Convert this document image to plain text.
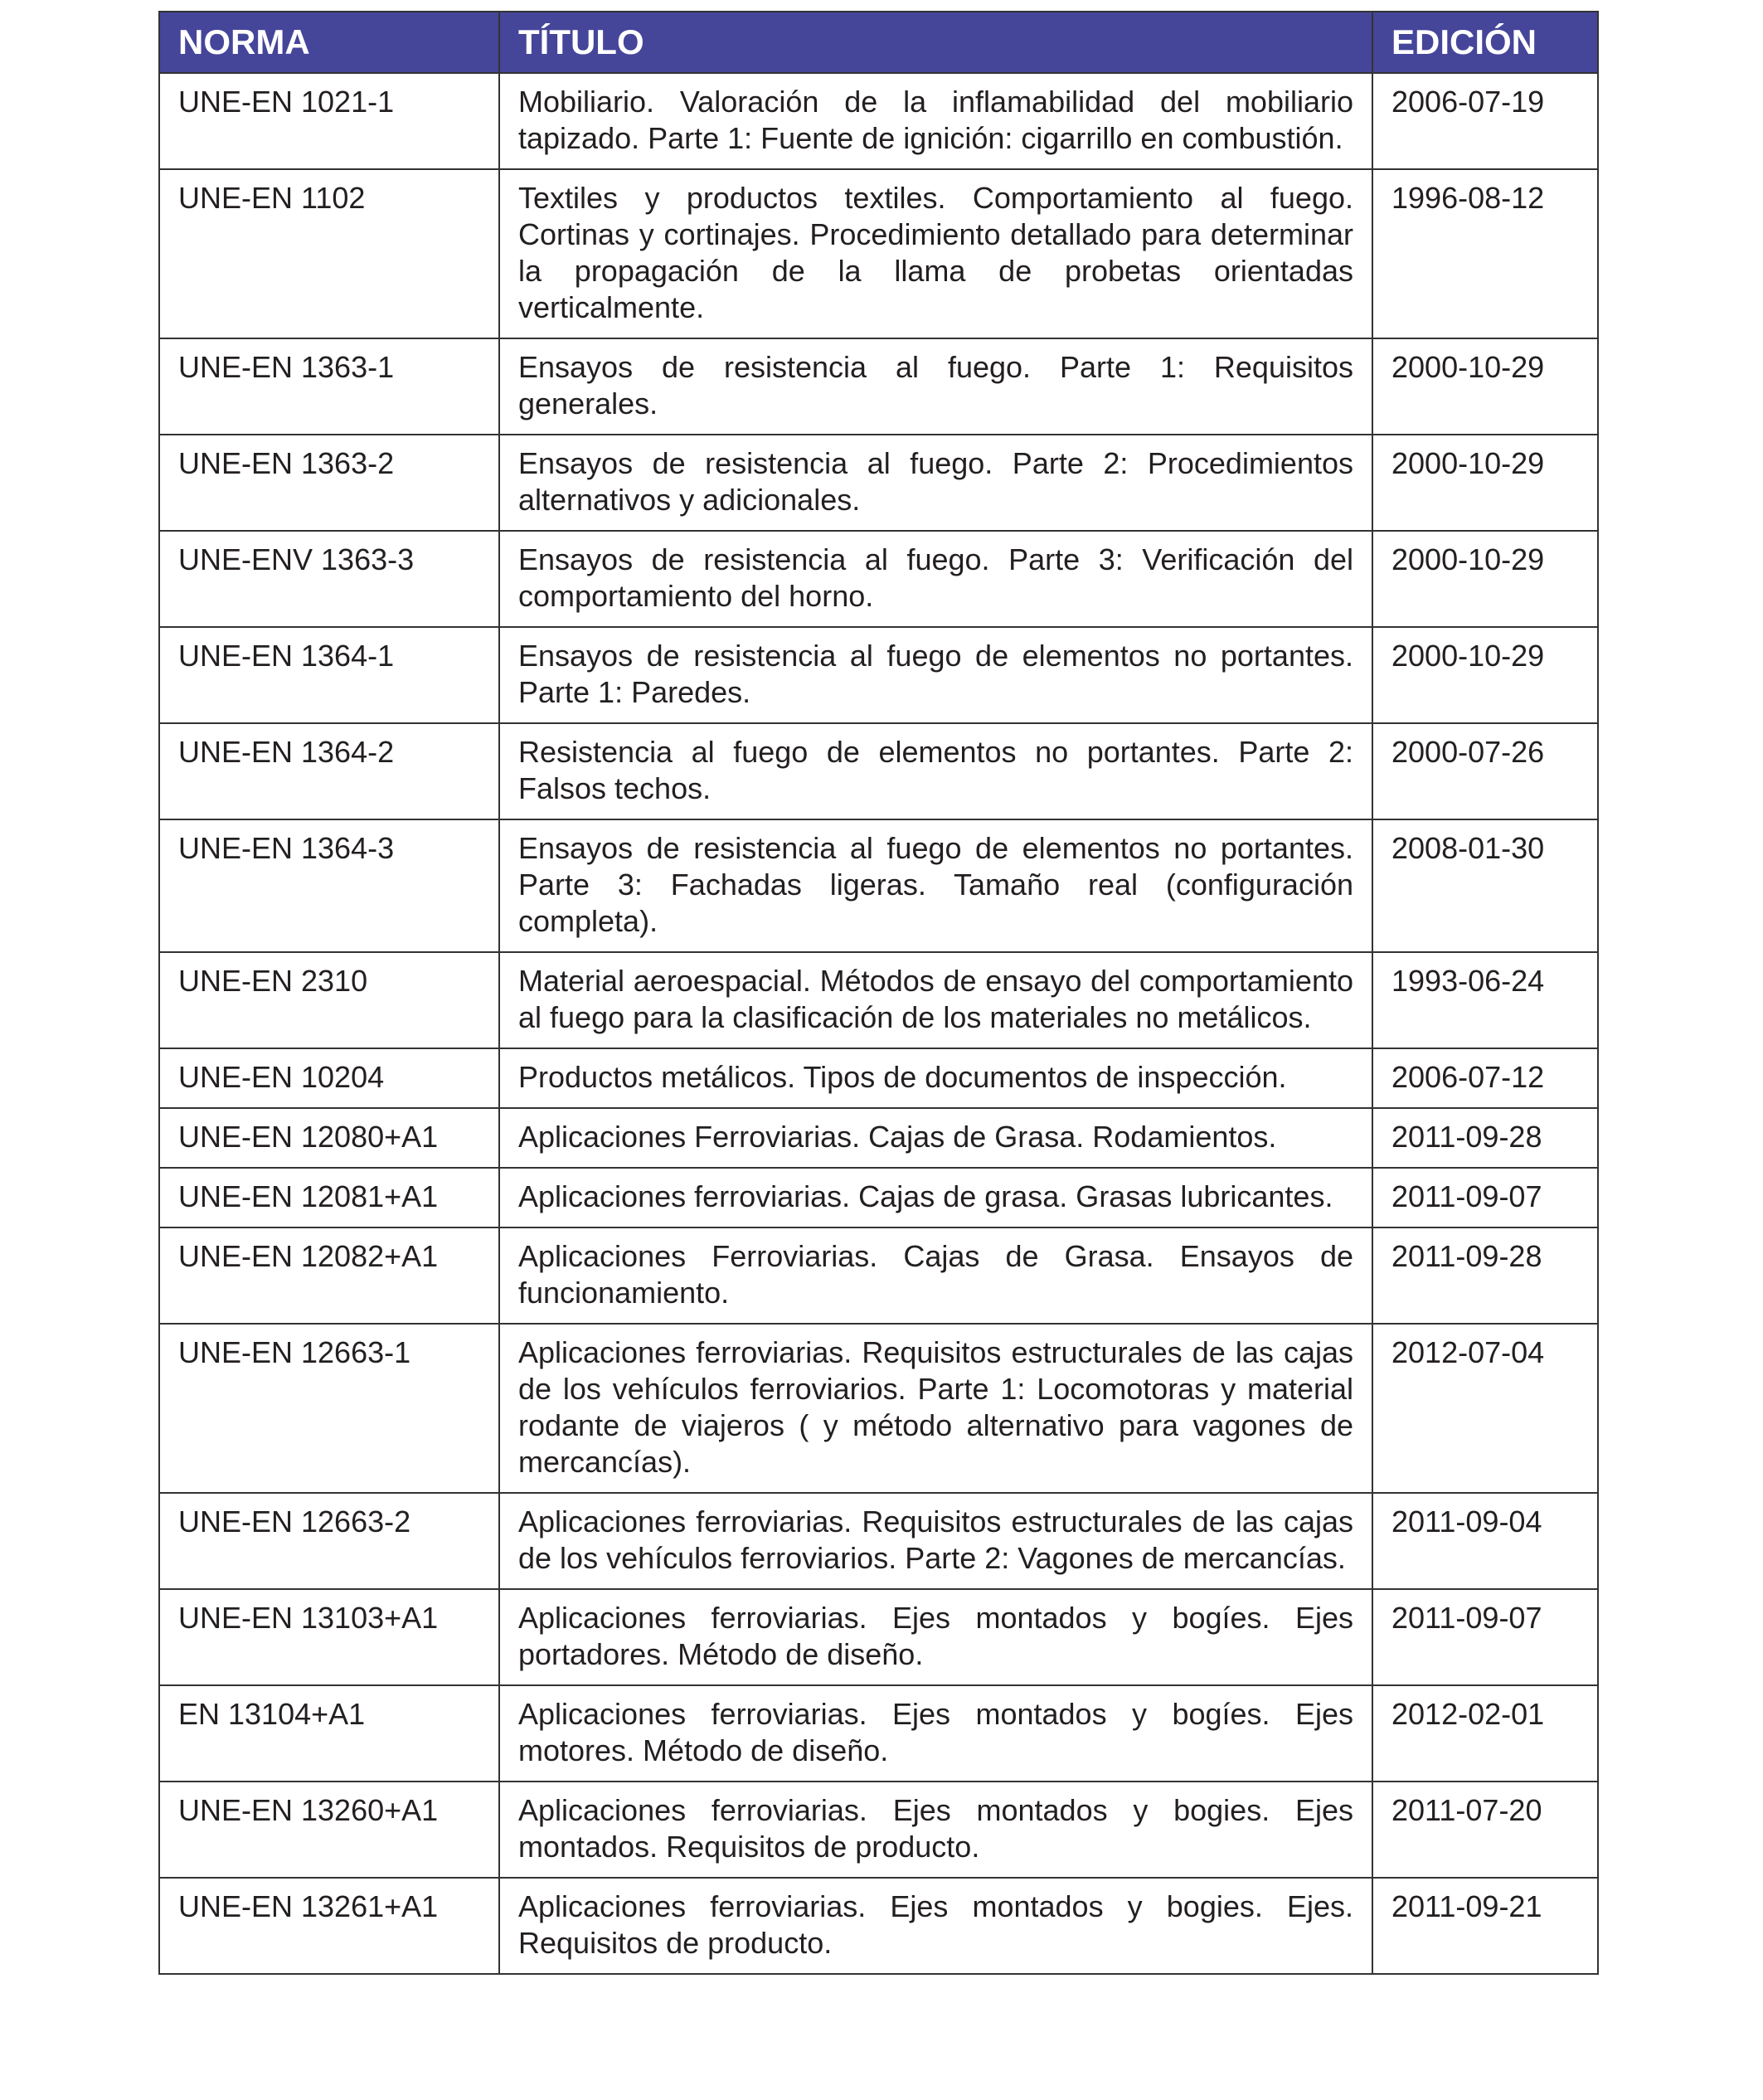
NORMA	TÍTULO	EDICIÓN
UNE-EN 1021-1	Mobiliario. Valoración de la inflamabilidad del mobiliario tapizado. Parte 1: Fuente de ignición: cigarrillo en combustión.	2006-07-19
UNE-EN 1102	Textiles y productos textiles. Comportamiento al fuego. Cortinas y cortinajes. Procedimiento detallado para determinar la propagación de la llama de probetas orientadas verticalmente.	1996-08-12
UNE-EN 1363-1	Ensayos de resistencia al fuego. Parte 1: Requisitos generales.	2000-10-29
UNE-EN 1363-2	Ensayos de resistencia al fuego. Parte 2: Procedimientos alternativos y adicionales.	2000-10-29
UNE-ENV 1363-3	Ensayos de resistencia al fuego. Parte 3: Verificación del comportamiento del horno.	2000-10-29
UNE-EN 1364-1	Ensayos de resistencia al fuego de elementos no portantes. Parte 1: Paredes.	2000-10-29
UNE-EN 1364-2	Resistencia al fuego de elementos no portantes. Parte 2: Falsos techos.	2000-07-26
UNE-EN 1364-3	Ensayos de resistencia al fuego de elementos no portantes. Parte 3: Fachadas ligeras. Tamaño real (configuración completa).	2008-01-30
UNE-EN 2310	Material aeroespacial. Métodos de ensayo del comportamiento al fuego para la clasificación de los materiales no metálicos.	1993-06-24
UNE-EN 10204	Productos metálicos. Tipos de documentos de inspección.	2006-07-12
UNE-EN 12080+A1	Aplicaciones Ferroviarias. Cajas de Grasa. Rodamientos.	2011-09-28
UNE-EN 12081+A1	Aplicaciones ferroviarias. Cajas de grasa. Grasas lubricantes.	2011-09-07
UNE-EN 12082+A1	Aplicaciones Ferroviarias. Cajas de Grasa. Ensayos de funcionamiento.	2011-09-28
UNE-EN 12663-1	Aplicaciones ferroviarias. Requisitos estructurales de las cajas de los vehículos ferroviarios. Parte 1: Locomotoras y material rodante de viajeros ( y método alternativo para vagones de mercancías).	2012-07-04
UNE-EN 12663-2	Aplicaciones ferroviarias. Requisitos estructurales de las cajas de los vehículos ferroviarios. Parte 2: Vagones de mercancías.	2011-09-04
UNE-EN 13103+A1	Aplicaciones ferroviarias. Ejes montados y bogíes. Ejes portadores. Método de diseño.	2011-09-07
EN 13104+A1	Aplicaciones ferroviarias. Ejes montados y bogíes. Ejes motores. Método de diseño.	2012-02-01
UNE-EN 13260+A1	Aplicaciones ferroviarias. Ejes montados y bogies. Ejes montados. Requisitos de producto.	2011-07-20
UNE-EN 13261+A1	Aplicaciones ferroviarias. Ejes montados y bogies. Ejes. Requisitos de producto.	2011-09-21
